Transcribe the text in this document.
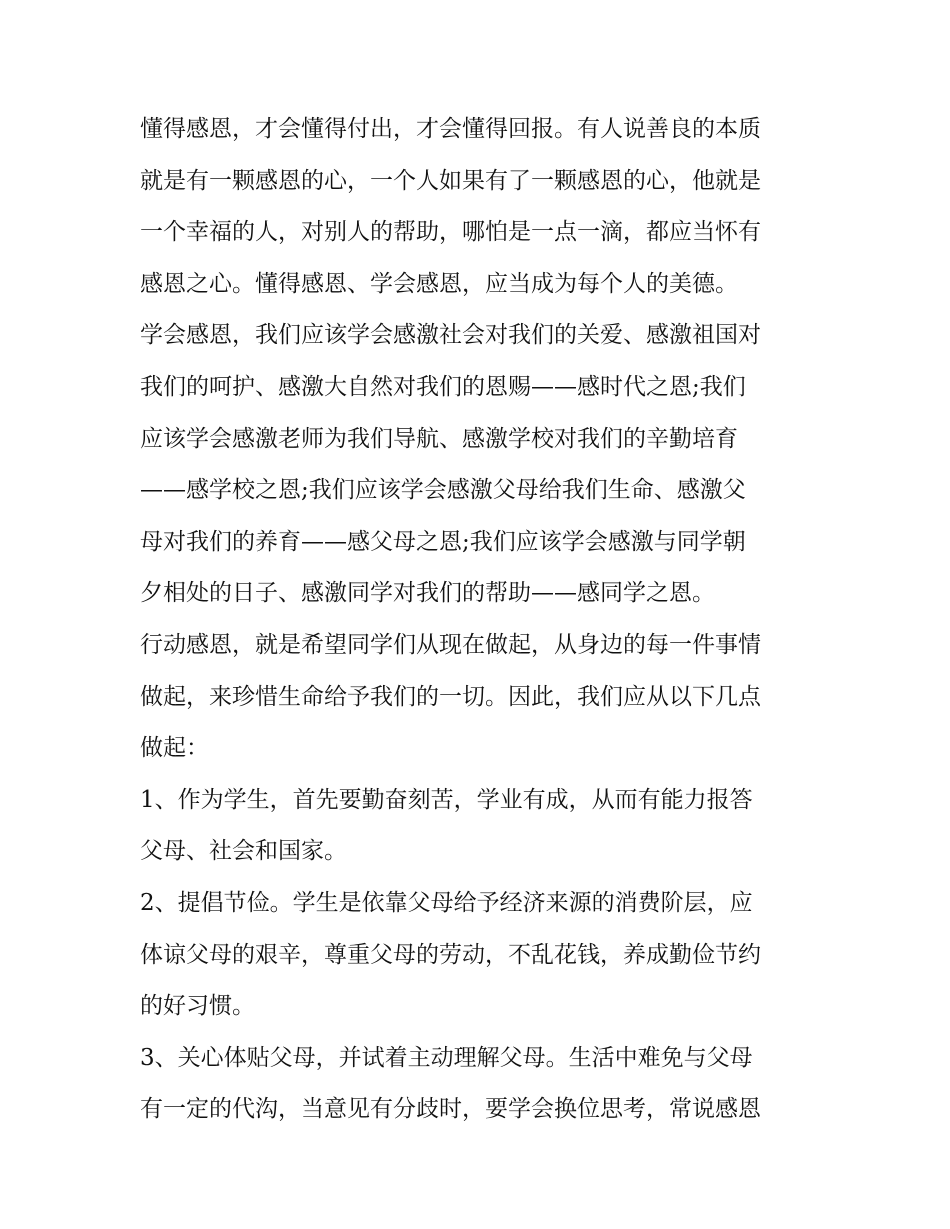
懂得感恩，才会懂得付出，才会懂得回报。有人说善良的本质
就是有一颗感恩的心，一个人如果有了一颗感恩的心，他就是
一个幸福的人，对别人的帮助，哪怕是一点一滴，都应当怀有
感恩之心。懂得感恩、学会感恩，应当成为每个人的美德。
学会感恩，我们应该学会感激社会对我们的关爱、感激祖国对
我们的呵护、感激大自然对我们的恩赐——感时代之恩;我们
应该学会感激老师为我们导航、感激学校对我们的辛勤培育
——感学校之恩;我们应该学会感激父母给我们生命、感激父
母对我们的养育——感父母之恩;我们应该学会感激与同学朝
夕相处的日子、感激同学对我们的帮助——感同学之恩。
行动感恩，就是希望同学们从现在做起，从身边的每一件事情
做起，来珍惜生命给予我们的一切。因此，我们应从以下几点
做起：
1、作为学生，首先要勤奋刻苦，学业有成，从而有能力报答
父母、社会和国家。
2、提倡节俭。学生是依靠父母给予经济来源的消费阶层，应
体谅父母的艰辛，尊重父母的劳动，不乱花钱，养成勤俭节约
的好习惯。
3、关心体贴父母，并试着主动理解父母。生活中难免与父母
有一定的代沟，当意见有分歧时，要学会换位思考，常说感恩
